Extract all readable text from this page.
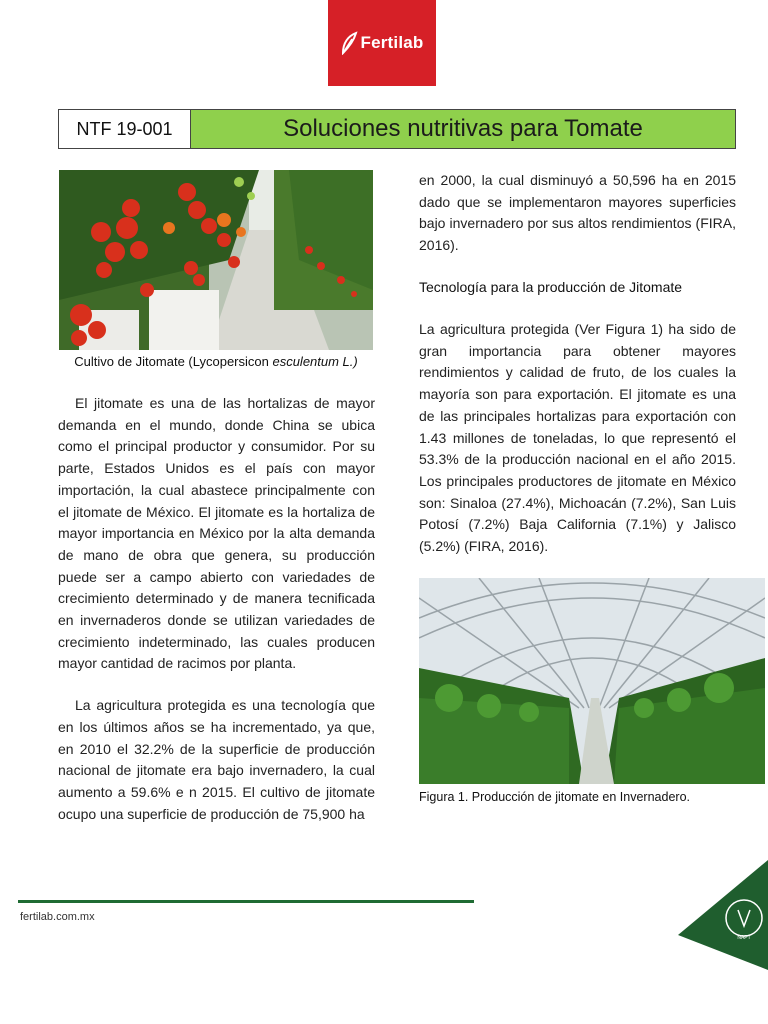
Fertilab
NTF 19-001	Soluciones nutritivas para Tomate
Cultivo de Jitomate (Lycopersicon esculentum L.)

El jitomate es una de las hortalizas de mayor demanda en el mundo, donde China se ubica como el principal productor y consumidor. Por su parte, Estados Unidos es el país con mayor importación, la cual abastece principalmente con el jitomate de México. El jitomate es la hortaliza de mayor importancia en México por la alta demanda de mano de obra que genera, su producción puede ser a campo abierto con variedades de crecimiento determinado y de manera tecnificada en invernaderos donde se utilizan variedades de crecimiento indeterminado, las cuales producen mayor cantidad de racimos por planta.

La agricultura protegida es una tecnología que en los últimos años se ha incrementado, ya que, en 2010 el 32.2% de la superficie de producción nacional de jitomate era bajo invernadero, la cual aumento a 59.6% e n 2015. El cultivo de jitomate ocupo una superficie de producción de 75,900 ha

en 2000, la cual disminuyó a 50,596 ha en 2015 dado que se implementaron mayores superficies bajo invernadero por sus altos rendimientos (FIRA, 2016).

Tecnología para la producción de Jitomate

La agricultura protegida (Ver Figura 1) ha sido de gran importancia para obtener mayores rendimientos y calidad de fruto, de los cuales la mayoría son para exportación. El jitomate es una de las principales hortalizas para exportación con 1.43 millones de toneladas, lo que representó el 53.3% de la producción nacional en el año 2015. Los principales productores de jitomate en México son: Sinaloa (27.4%), Michoacán (7.2%), San Luis Potosí (7.2%) Baja California (7.1%) y Jalisco (5.2%) (FIRA, 2016).

Figura 1. Producción de jitomate en Invernadero.
fertilab.com.mx
NAPT
